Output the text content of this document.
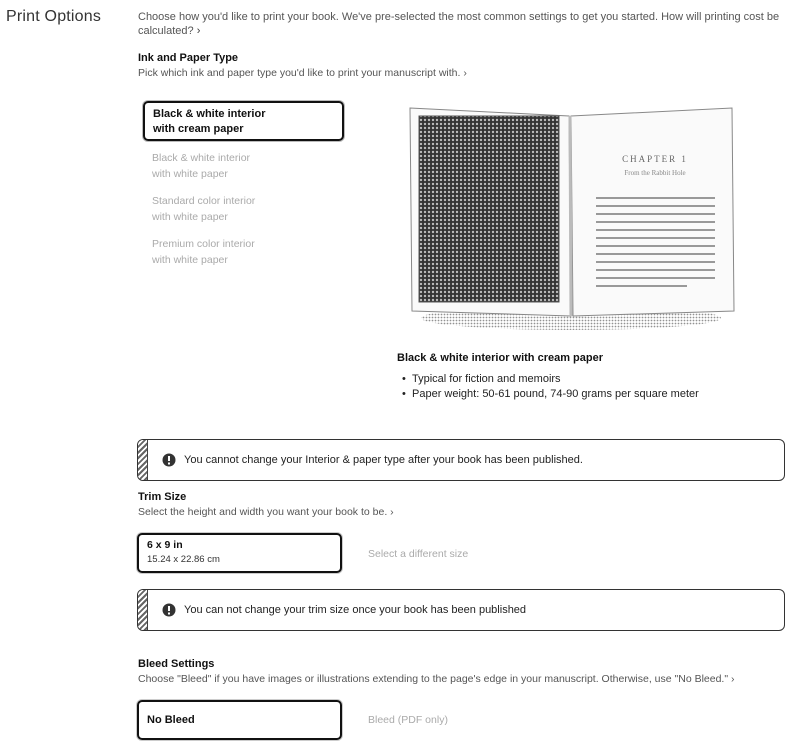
Print Options	Choose how you'd like to print your book. We've pre-selected the most common settings to get you started. How will printing cost be calculated? ›
Ink and Paper Type
Pick which ink and paper type you'd like to print your manuscript with. ›
Black & white interior
with cream paper
Black & white interior
with white paper
Standard color interior
with white paper
Premium color interior
with white paper
CHAPTER 1
From the Rabbit Hole
Black & white interior with cream paper
• Typical for fiction and memoirs
• Paper weight: 50-61 pound, 74-90 grams per square meter
You cannot change your Interior & paper type after your book has been published.
Trim Size
Select the height and width you want your book to be. ›
6 x 9 in
15.24 x 22.86 cm	Select a different size
You can not change your trim size once your book has been published
Bleed Settings
Choose "Bleed" if you have images or illustrations extending to the page's edge in your manuscript. Otherwise, use "No Bleed." ›
No Bleed	Bleed (PDF only)
